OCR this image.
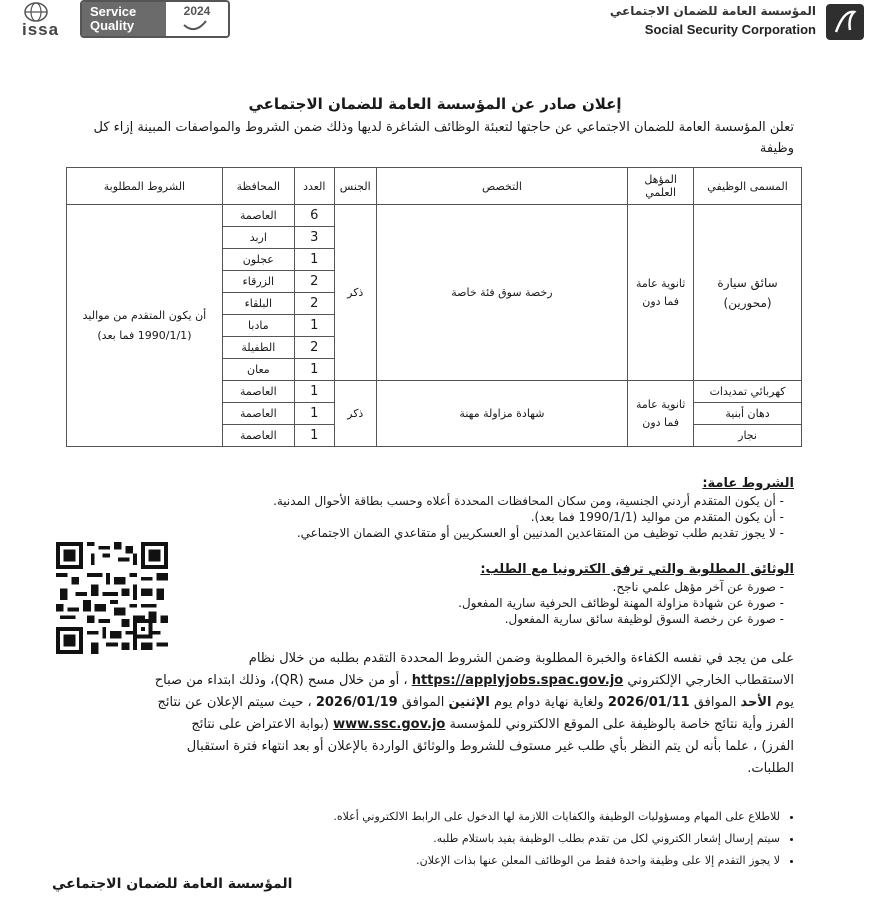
issa
Service
Quality
2024	المؤسسة العامة للضمان الاجتماعي
Social Security Corporation
إعلان صادر عن المؤسسة العامة للضمان الاجتماعي
تعلن المؤسسة العامة للضمان الاجتماعي عن حاجتها لتعبئة الوظائف الشاغرة لديها وذلك ضمن الشروط والمواصفات المبينة إزاء كل وظيفة
المسمى الوظيفي	المؤهل العلمي	التخصص	الجنس	العدد	المحافظة	الشروط المطلوبة
سائق سيارة (محورين)	ثانوية عامة فما دون	رخصة سوق فئة خاصة	ذكر	6	العاصمة	أن يكون المتقدم من مواليد (1990/1/1 فما بعد)
				3	اربد	
				1	عجلون	
				2	الزرقاء	
				2	البلقاء	
				1	مادبا	
				2	الطفيلة	
				1	معان	
كهربائي تمديدات	ثانوية عامة فما دون	شهادة مزاولة مهنة	ذكر	1	العاصمة	
دهان أبنية				1	العاصمة	
نجار				1	العاصمة	
الشروط عامة:
- أن يكون المتقدم أردني الجنسية، ومن سكان المحافظات المحددة أعلاه وحسب بطاقة الأحوال المدنية.
- أن يكون المتقدم من مواليد (1990/1/1 فما بعد).
- لا يجوز تقديم طلب توظيف من المتقاعدين المدنيين أو العسكريين أو متقاعدي الضمان الاجتماعي.
الوثائق المطلوبة والتي ترفق الكترونيا مع الطلب:
- صورة عن آخر مؤهل علمي ناجح.
- صورة عن شهادة مزاولة المهنة لوظائف الحرفية سارية المفعول.
- صورة عن رخصة السوق لوظيفة سائق سارية المفعول.
على من يجد في نفسه الكفاءة والخبرة المطلوبة وضمن الشروط المحددة التقدم بطلبه من خلال نظام
الاستقطاب الخارجي الإلكتروني https://applyjobs.spac.gov.jo ، أو من خلال مسح (QR)، وذلك ابتداء من صباح
يوم الأحد الموافق 2026/01/11 ولغاية نهاية دوام يوم الإثنين الموافق 2026/01/19 ، حيث سيتم الإعلان عن نتائج
الفرز وأية نتائج خاصة بالوظيفة على الموقع الالكتروني للمؤسسة www.ssc.gov.jo (بوابة الاعتراض على نتائج
الفرز) ، علما بأنه لن يتم النظر بأي طلب غير مستوف للشروط والوثائق الواردة بالإعلان أو بعد انتهاء فترة استقبال
الطلبات.
• للاطلاع على المهام ومسؤوليات الوظيفة والكفايات اللازمة لها الدخول على الرابط الالكتروني أعلاه.
• سيتم إرسال إشعار الكتروني لكل من تقدم بطلب الوظيفة يفيد باستلام طلبه.
• لا يجوز التقدم إلا على وظيفة واحدة فقط من الوظائف المعلن عنها بذات الإعلان.
المؤسسة العامة للضمان الاجتماعي
